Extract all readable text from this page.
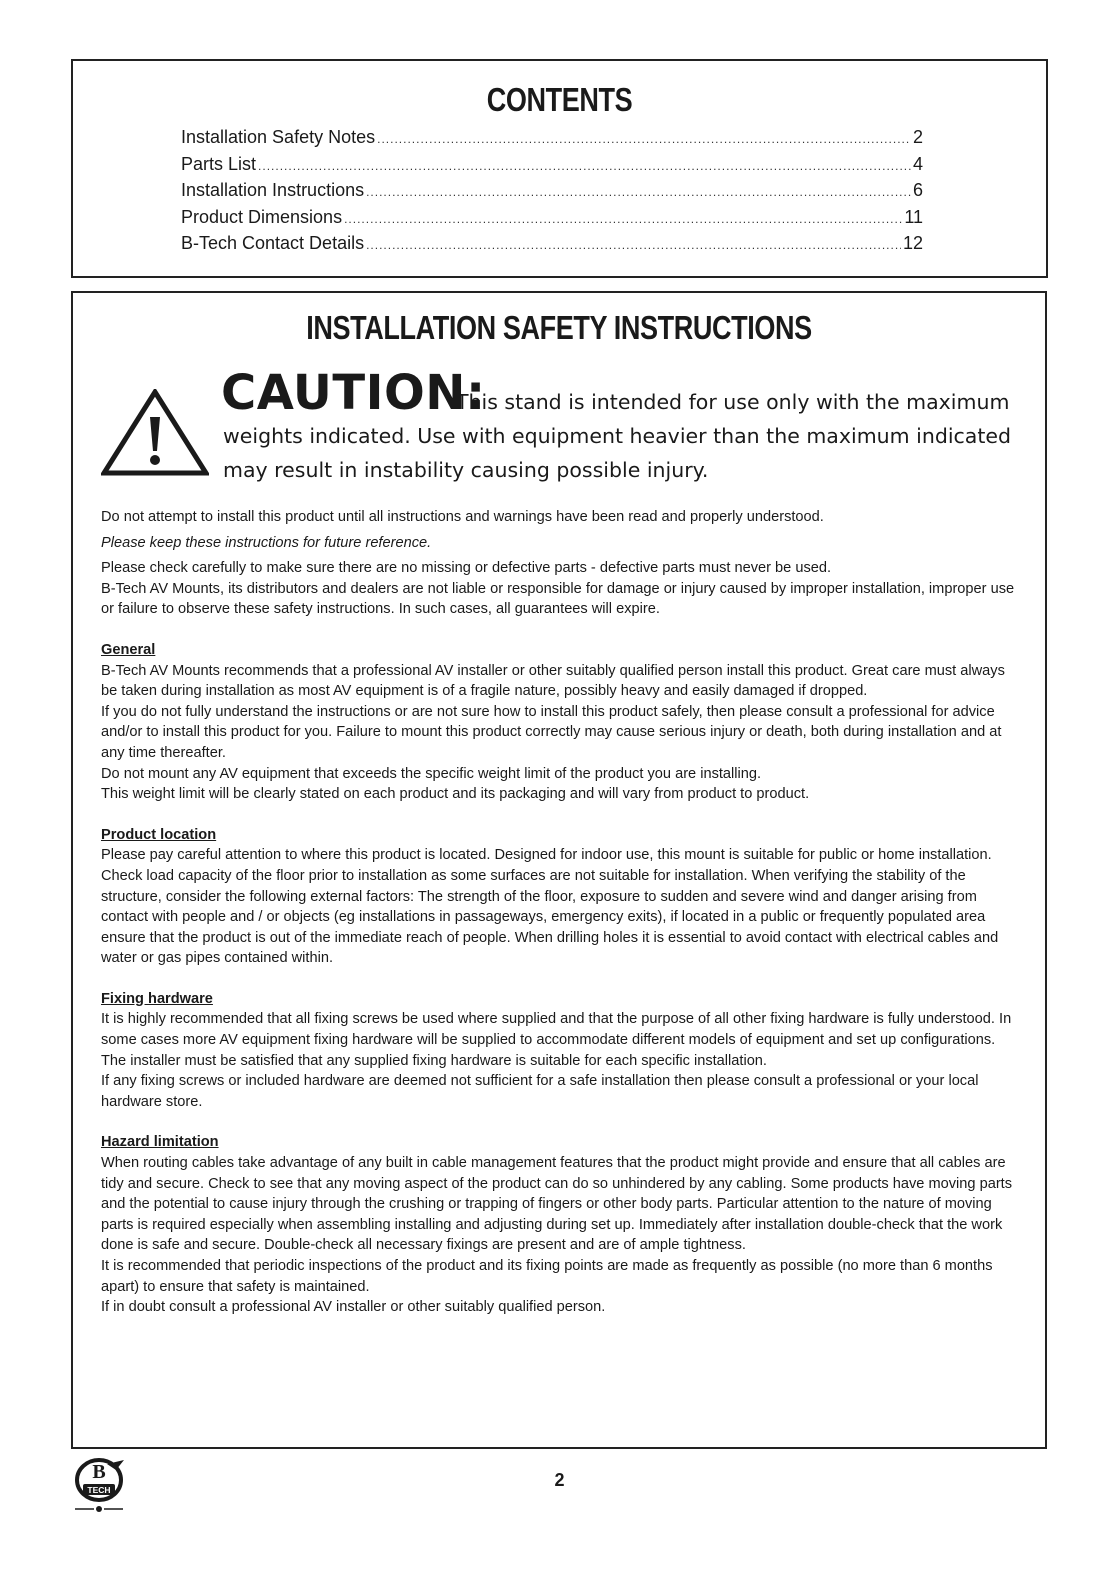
CONTENTS
Installation Safety Notes .....	2
Parts List .....	4
Installation Instructions .....	6
Product Dimensions .....	11
B-Tech Contact Details .....	12
INSTALLATION SAFETY INSTRUCTIONS
CAUTION:
This stand is intended for use only with the maximum weights indicated. Use with equipment heavier than the maximum indicated may result in instability causing possible injury.

Do not attempt to install this product until all instructions and warnings have been read and properly understood.

Please keep these instructions for future reference.

Please check carefully to make sure there are no missing or defective parts - defective parts must never be used.

B-Tech AV Mounts, its distributors and dealers are not liable or responsible for damage or injury caused by improper installation, improper use or failure to observe these safety instructions. In such cases, all guarantees will expire.

General

B-Tech AV Mounts recommends that a professional AV installer or other suitably qualified person install this product. Great care must always be taken during installation as most AV equipment is of a fragile nature, possibly heavy and easily damaged if dropped.

If you do not fully understand the instructions or are not sure how to install this product safely, then please consult a professional for advice and/or to install this product for you. Failure to mount this product correctly may cause serious injury or death, both during installation and at any time thereafter.

Do not mount any AV equipment that exceeds the specific weight limit of the product you are installing.

This weight limit will be clearly stated on each product and its packaging and will vary from product to product.

Product location

Please pay careful attention to where this product is located. Designed for indoor use, this mount is suitable for public or home installation. Check load capacity of the floor prior to installation as some surfaces are not suitable for installation. When verifying the stability of the structure, consider the following external factors: The strength of the floor, exposure to sudden and severe wind and danger arising from contact with people and / or objects (eg installations in passageways, emergency exits), if located in a public or frequently populated area ensure that the product is out of the immediate reach of people. When drilling holes it is essential to avoid contact with electrical cables and water or gas pipes contained within.

Fixing hardware

It is highly recommended that all fixing screws be used where supplied and that the purpose of all other fixing hardware is fully understood. In some cases more AV equipment fixing hardware will be supplied to accommodate different models of equipment and set up configurations. The installer must be satisfied that any supplied fixing hardware is suitable for each specific installation.

If any fixing screws or included hardware are deemed not sufficient for a safe installation then please consult a professional or your local hardware store.

Hazard limitation

When routing cables take advantage of any built in cable management features that the product might provide and ensure that all cables are tidy and secure. Check to see that any moving aspect of the product can do so unhindered by any cabling. Some products have moving parts and the potential to cause injury through the crushing or trapping of fingers or other body parts. Particular attention to the nature of moving parts is required especially when assembling installing and adjusting during set up. Immediately after installation double-check that the work done is safe and secure. Double-check all necessary fixings are present and are of ample tightness.

It is recommended that periodic inspections of the product and its fixing points are made as frequently as possible (no more than 6 months apart) to ensure that safety is maintained.

If in doubt consult a professional AV installer or other suitably qualified person.

B
TECH	2
